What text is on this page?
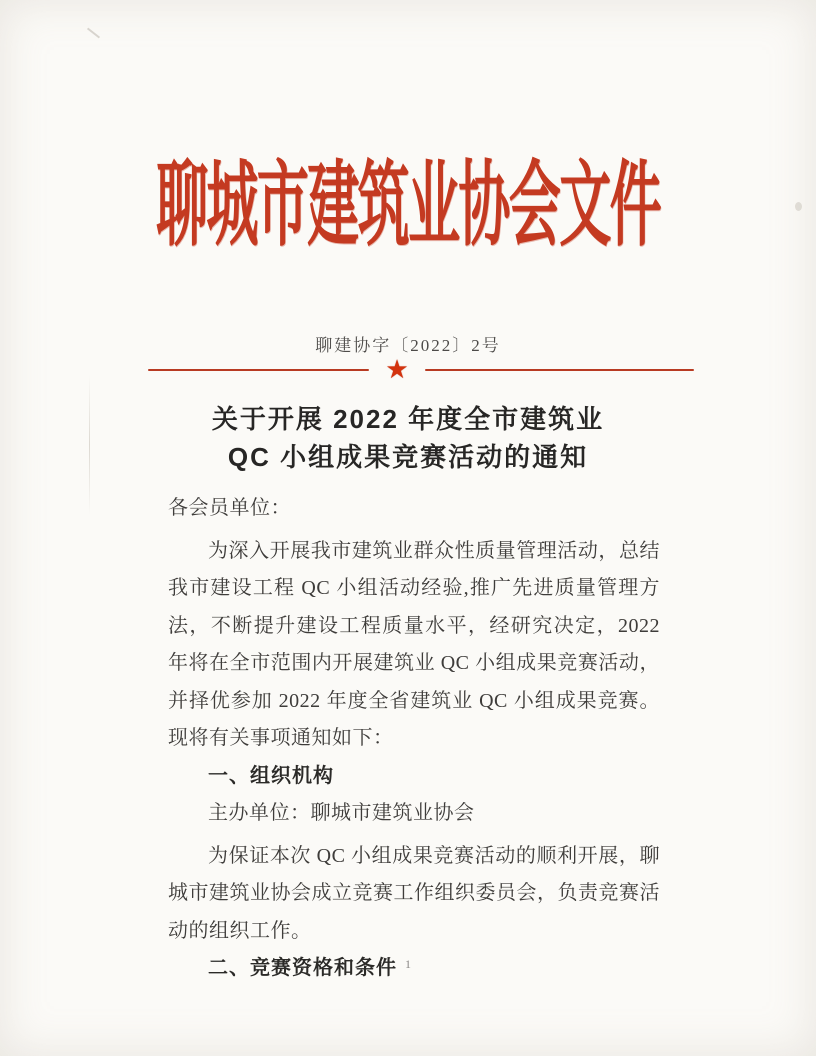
聊城市建筑业协会文件
聊建协字〔2022〕2号
★
关于开展 2022 年度全市建筑业
QC 小组成果竞赛活动的通知

各会员单位：

为深入开展我市建筑业群众性质量管理活动，总结我市建设工程 QC 小组活动经验,推广先进质量管理方法，不断提升建设工程质量水平，经研究决定，2022年将在全市范围内开展建筑业 QC 小组成果竞赛活动，并择优参加 2022 年度全省建筑业 QC 小组成果竞赛。现将有关事项通知如下：

一、组织机构

主办单位：聊城市建筑业协会

为保证本次 QC 小组成果竞赛活动的顺利开展，聊城市建筑业协会成立竞赛工作组织委员会，负责竞赛活动的组织工作。

二、竞赛资格和条件 1
